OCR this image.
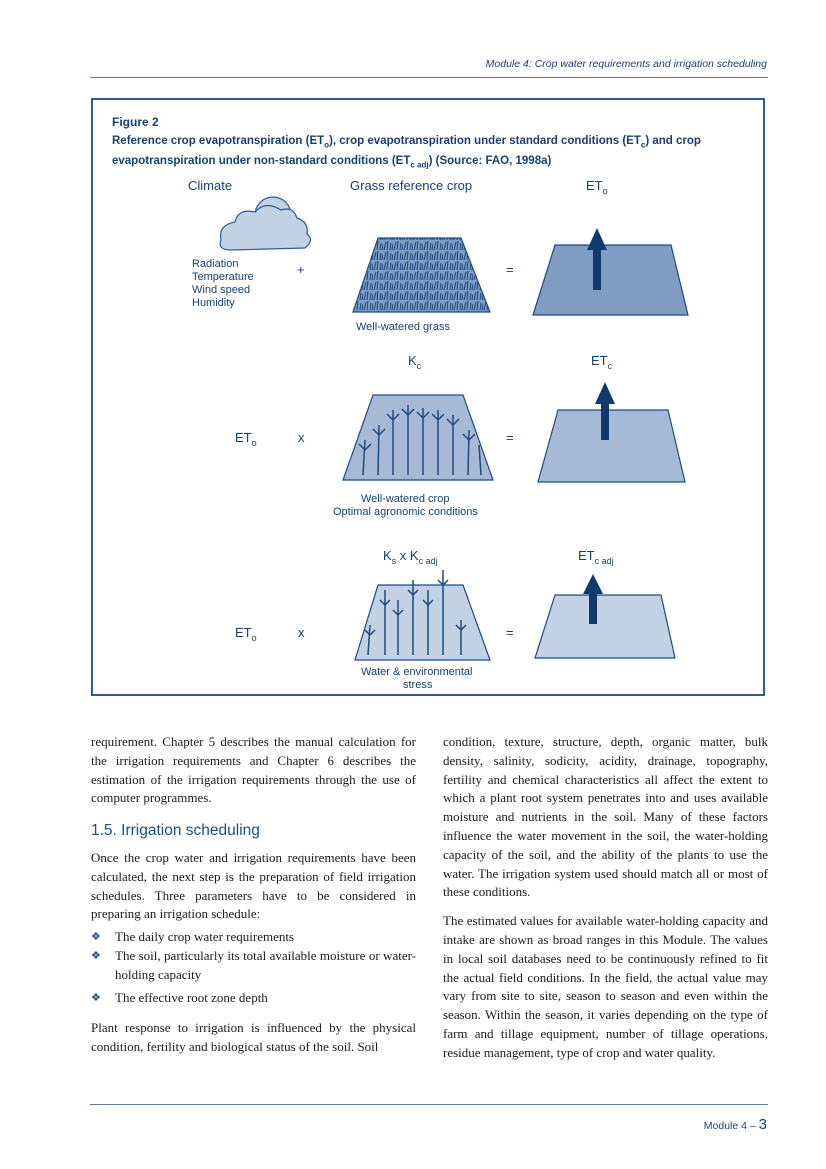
Module 4: Crop water requirements and irrigation scheduling
Figure 2
Reference crop evapotranspiration $(ET_o)$, crop evapotranspiration under standard conditions $(ET_c)$ and crop evapotranspiration under non-standard conditions $(ET_{c adj})$ (Source: FAO, 1998a)
Climate	Grass reference crop	$ET_o$
Radiation
Temperature
Wind speed
Humidity
+
Well-watered grass
=
$K_c$	$ET_c$
$ET_o$	x
Well-watered crop
Optimal agronomic conditions
=
$K_s$ x $K_{c adj}$	$ET_{c adj}$
$ET_o$	x
Water & environmental
stress
=

requirement. Chapter 5 describes the manual calculation for the irrigation requirements and Chapter 6 describes the estimation of the irrigation requirements through the use of computer programmes.

1.5. Irrigation scheduling

Once the crop water and irrigation requirements have been calculated, the next step is the preparation of field irrigation schedules. Three parameters have to be considered in preparing an irrigation schedule:

❖ The daily crop water requirements
❖ The soil, particularly its total available moisture or water-holding capacity
❖ The effective root zone depth

Plant response to irrigation is influenced by the physical condition, fertility and biological status of the soil. Soil

condition, texture, structure, depth, organic matter, bulk density, salinity, sodicity, acidity, drainage, topography, fertility and chemical characteristics all affect the extent to which a plant root system penetrates into and uses available moisture and nutrients in the soil. Many of these factors influence the water movement in the soil, the water-holding capacity of the soil, and the ability of the plants to use the water. The irrigation system used should match all or most of these conditions.

The estimated values for available water-holding capacity and intake are shown as broad ranges in this Module. The values in local soil databases need to be continuously refined to fit the actual field conditions. In the field, the actual value may vary from site to site, season to season and even within the season. Within the season, it varies depending on the type of farm and tillage equipment, number of tillage operations, residue management, type of crop and water quality.

Module 4 – 3
